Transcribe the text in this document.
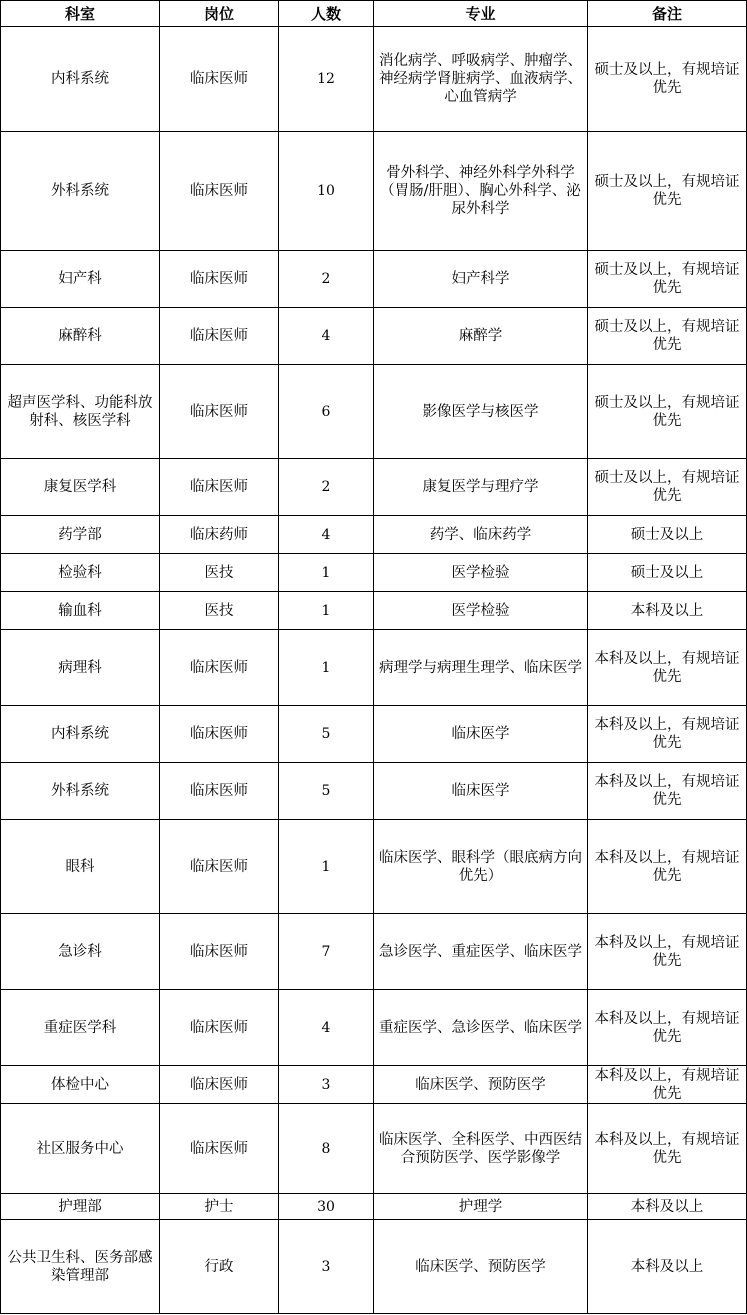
科室	岗位	人数	专业	备注
内科系统	临床医师	12	消化病学、呼吸病学、肿瘤学、神经病学肾脏病学、血液病学、心血管病学	硕士及以上，有规培证优先
外科系统	临床医师	10	骨外科学、神经外科学外科学（胃肠/肝胆）、胸心外科学、泌尿外科学	硕士及以上，有规培证优先
妇产科	临床医师	2	妇产科学	硕士及以上，有规培证优先
麻醉科	临床医师	4	麻醉学	硕士及以上，有规培证优先
超声医学科、功能科放射科、核医学科	临床医师	6	影像医学与核医学	硕士及以上，有规培证优先
康复医学科	临床医师	2	康复医学与理疗学	硕士及以上，有规培证优先
药学部	临床药师	4	药学、临床药学	硕士及以上
检验科	医技	1	医学检验	硕士及以上
输血科	医技	1	医学检验	本科及以上
病理科	临床医师	1	病理学与病理生理学、临床医学	本科及以上，有规培证优先
内科系统	临床医师	5	临床医学	本科及以上，有规培证优先
外科系统	临床医师	5	临床医学	本科及以上，有规培证优先
眼科	临床医师	1	临床医学、眼科学（眼底病方向优先）	本科及以上，有规培证优先
急诊科	临床医师	7	急诊医学、重症医学、临床医学	本科及以上，有规培证优先
重症医学科	临床医师	4	重症医学、急诊医学、临床医学	本科及以上，有规培证优先
体检中心	临床医师	3	临床医学、预防医学	本科及以上，有规培证优先
社区服务中心	临床医师	8	临床医学、全科医学、中西医结合预防医学、医学影像学	本科及以上，有规培证优先
护理部	护士	30	护理学	本科及以上
公共卫生科、医务部感染管理部	行政	3	临床医学、预防医学	本科及以上
